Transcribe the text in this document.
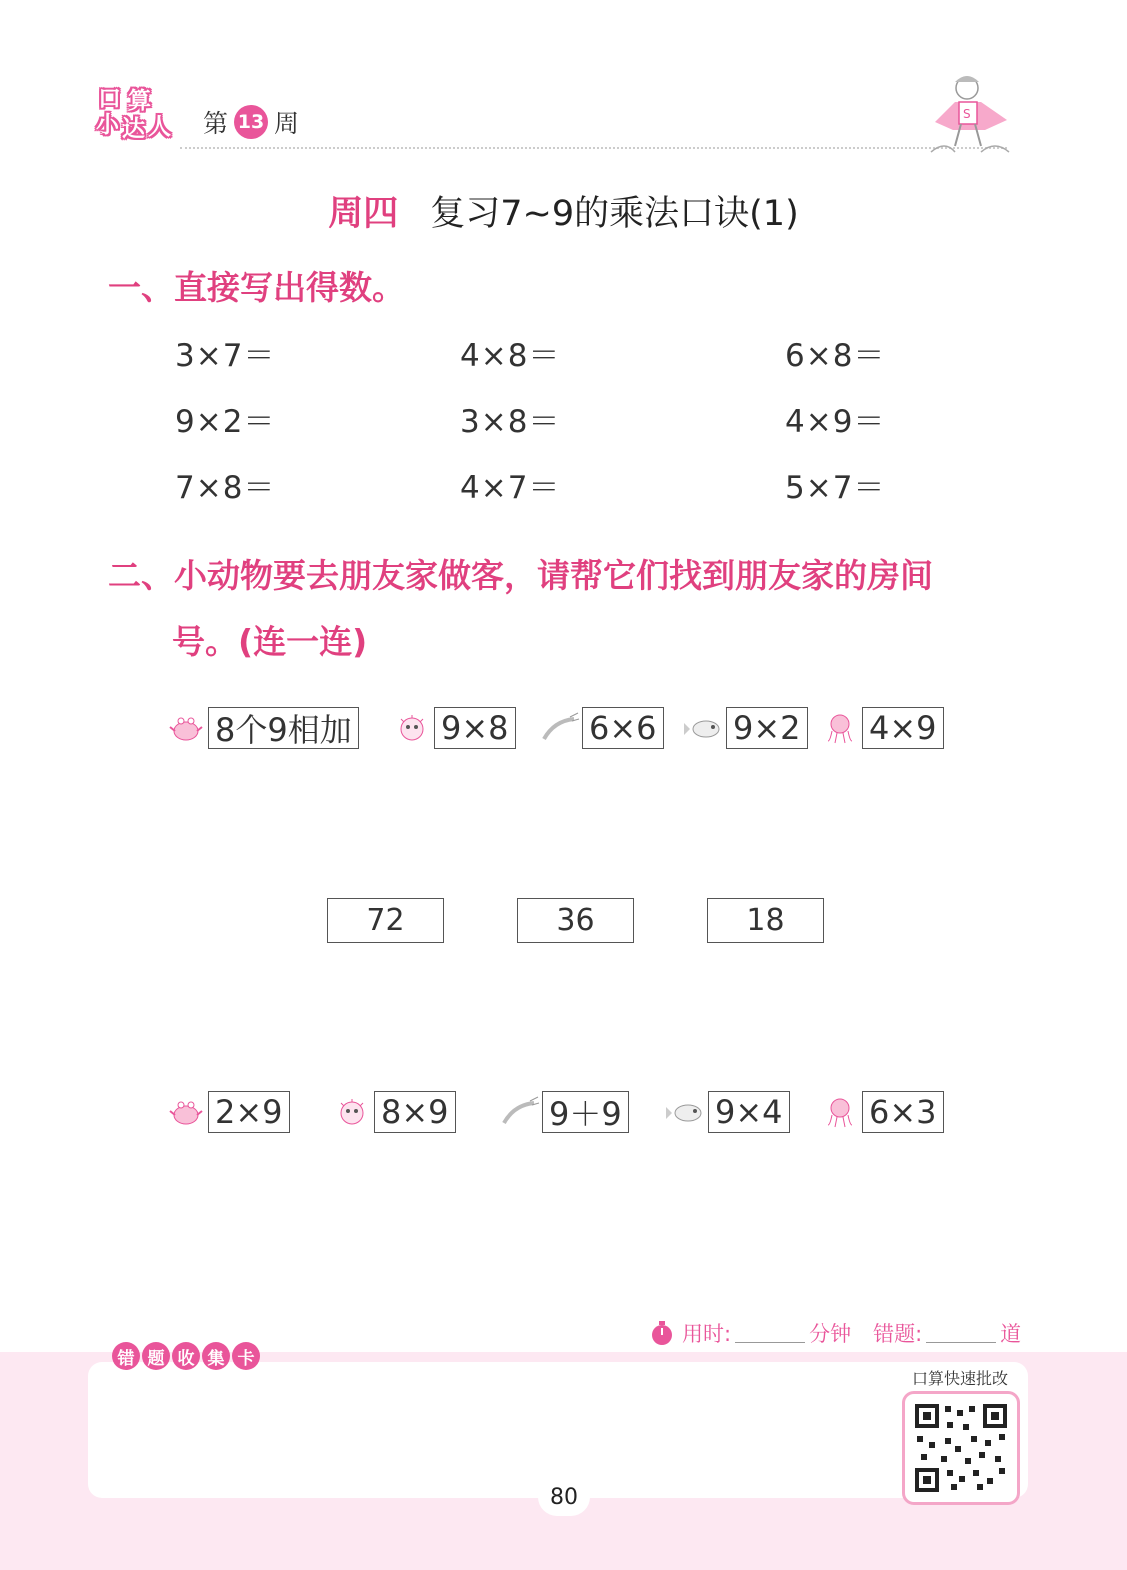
口 算
小 达 人 第 13 周	S
周四 复习7~9的乘法口诀(1)
一、直接写出得数。
3×7＝	4×8＝	6×8＝
9×2＝	3×8＝	4×9＝
7×8＝	4×7＝	5×7＝
二、小动物要去朋友家做客，请帮它们找到朋友家的房间
号。(连一连)
8个9相加	9×8	6×6 9×2 4×9
72	36	18
2×9	8×9	9＋9	9×4	6×3
用时:	分钟 错题:	道
错 题 收 集 卡
口算快速批改
80
